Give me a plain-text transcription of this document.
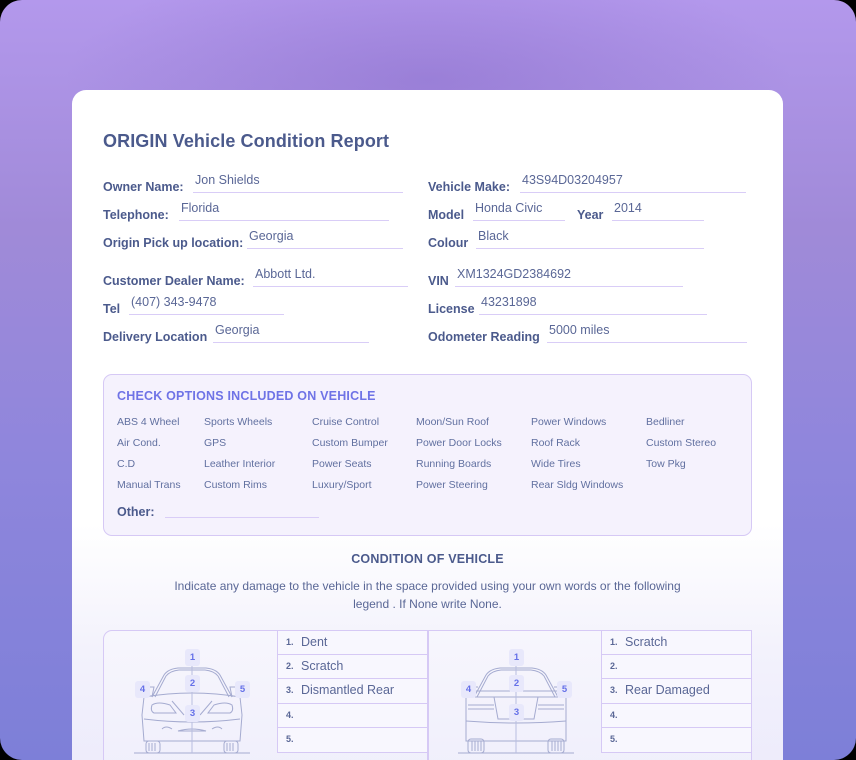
ORIGIN Vehicle Condition Report
Owner Name: Jon Shields
Telephone: Florida
Origin Pick up location: Georgia
Vehicle Make: 43S94D03204957
Model Honda Civic	Year 2014
Colour Black
Customer Dealer Name: Abbott Ltd.
Tel (407) 343-9478
Delivery Location Georgia
VIN XM1324GD2384692
License 43231898
Odometer Reading 5000 miles
CHECK OPTIONS INCLUDED ON VEHICLE
ABS 4 Wheel
Air Cond.
C.D
Manual Trans
Sports Wheels
GPS
Leather Interior
Custom Rims
Cruise Control
Custom Bumper
Power Seats
Luxury/Sport
Moon/Sun Roof
Power Door Locks
Running Boards
Power Steering
Power Windows
Roof Rack
Wide Tires
Rear Sldg Windows
Bedliner
Custom Stereo
Tow Pkg
Other:
CONDITION OF VEHICLE
Indicate any damage to the vehicle in the space provided using your own words or the following legend . If None write None.
1
2
3
4	5
1. Dent
2. Scratch
3. Dismantled Rear
4.
5.
1
2
3
4	5
1. Scratch
2.
3. Rear Damaged
4.
5.
